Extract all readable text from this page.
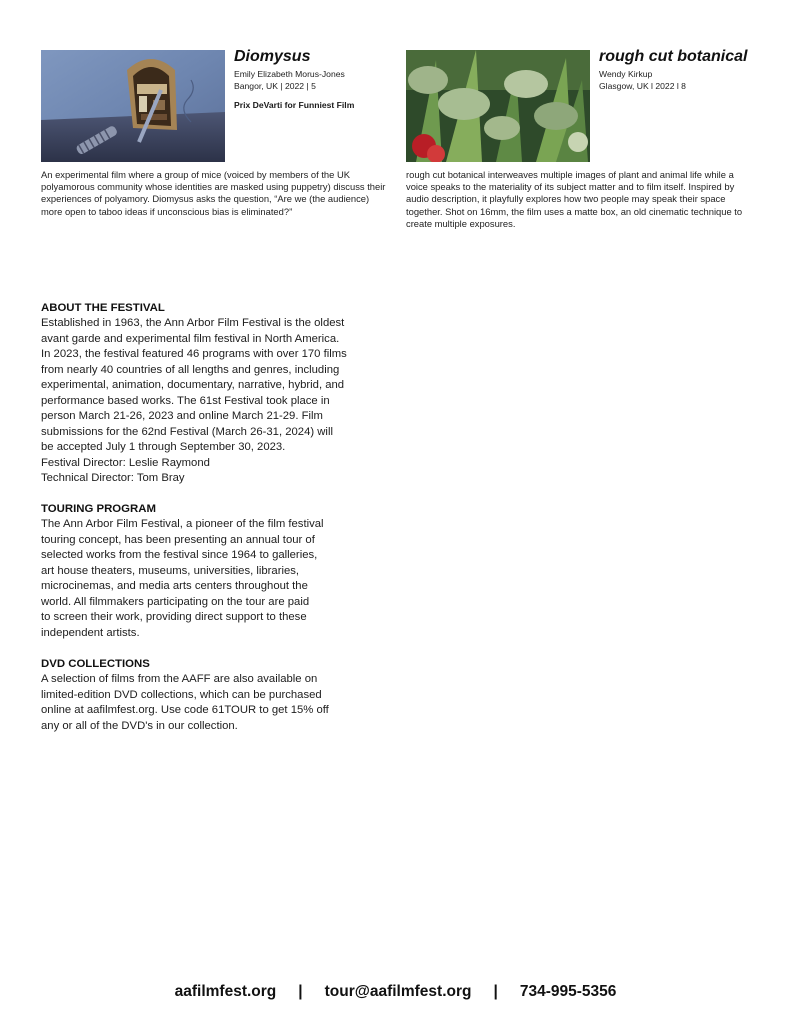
Diomysus
Emily Elizabeth Morus-Jones
Bangor, UK | 2022 | 5
Prix DeVarti for Funniest Film
An experimental film where a group of mice (voiced by members of the UK polyamorous community whose identities are masked using puppetry) discuss their experiences of polyamory. Diomysus asks the question, “Are we (the audience) more open to taboo ideas if unconscious bias is eliminated?”
rough cut botanical
Wendy Kirkup
Glasgow, UK l 2022 l 8
rough cut botanical interweaves multiple images of plant and animal life while a voice speaks to the materiality of its subject matter and to film itself. Inspired by audio description, it playfully explores how two people may speak their space together. Shot on 16mm, the film uses a matte box, an old cinematic technique to create multiple exposures.
ABOUT THE FESTIVAL
Established in 1963, the Ann Arbor Film Festival is the oldest
avant garde and experimental film festival in North America.
In 2023, the festival featured 46 programs with over 170 films
from nearly 40 countries of all lengths and genres, including
experimental, animation, documentary, narrative, hybrid, and
performance based works. The 61st Festival took place in
person March 21-26, 2023 and online March 21-29. Film
submissions for the 62nd Festival (March 26-31, 2024) will
be accepted July 1 through September 30, 2023.
Festival Director: Leslie Raymond
Technical Director: Tom Bray
TOURING PROGRAM
The Ann Arbor Film Festival, a pioneer of the film festival
touring concept, has been presenting an annual tour of
selected works from the festival since 1964 to galleries,
art house theaters, museums, universities, libraries,
microcinemas, and media arts centers throughout the
world. All filmmakers participating on the tour are paid
to screen their work, providing direct support to these
independent artists.
DVD COLLECTIONS
A selection of films from the AAFF are also available on
limited-edition DVD collections, which can be purchased
online at aafilmfest.org. Use code 61TOUR to get 15% off
any or all of the DVD's in our collection.
aafilmfest.org | tour@aafilmfest.org | 734-995-5356
